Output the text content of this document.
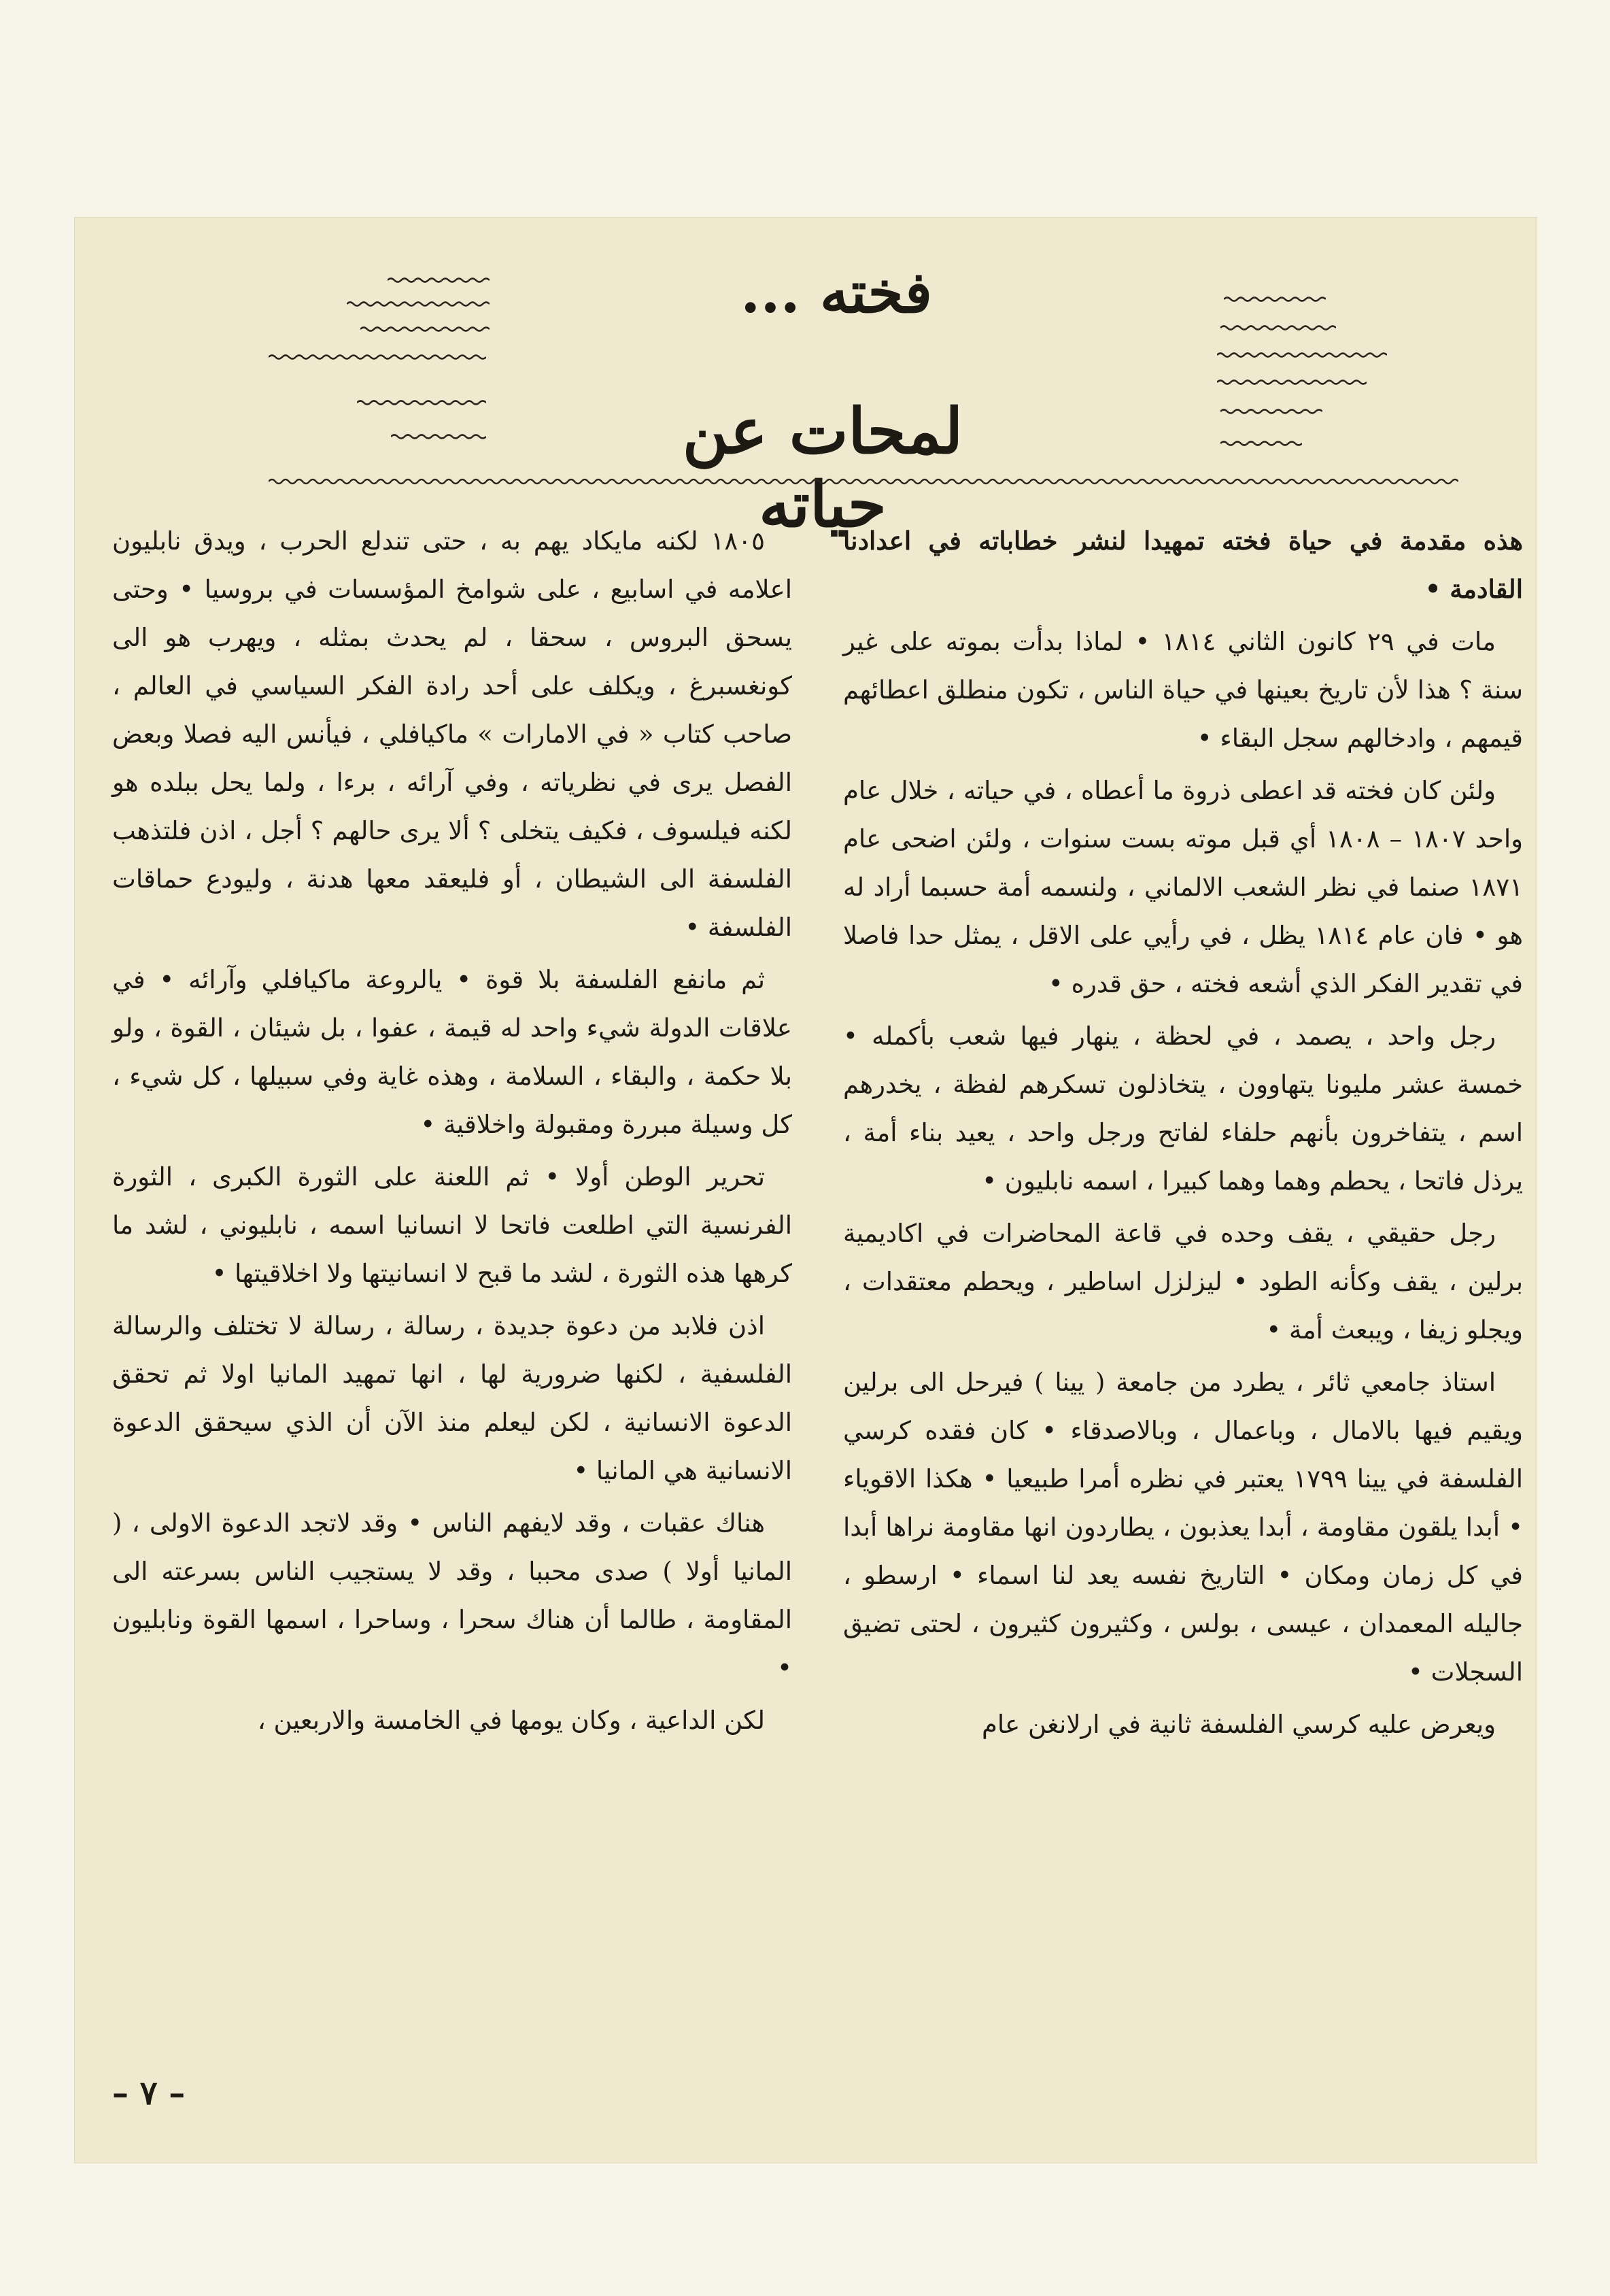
فخته ...
لمحات عن حياته

هذه مقدمة في حياة فخته تمهيدا لنشر خطاباته في اعدادنا القادمة •

مات في ٢٩ كانون الثاني ١٨١٤ • لماذا بدأت بموته على غير سنة ؟ هذا لأن تاريخ بعينها في حياة الناس ، تكون منطلق اعطائهم قيمهم ، وادخالهم سجل البقاء •

ولئن كان فخته قد اعطى ذروة ما أعطاه ، في حياته ، خلال عام واحد ١٨٠٧ – ١٨٠٨ أي قبل موته بست سنوات ، ولئن اضحى عام ١٨٧١ صنما في نظر الشعب الالماني ، ولنسمه أمة حسبما أراد له هو • فان عام ١٨١٤ يظل ، في رأيي على الاقل ، يمثل حدا فاصلا في تقدير الفكر الذي أشعه فخته ، حق قدره •

رجل واحد ، يصمد ، في لحظة ، ينهار فيها شعب بأكمله • خمسة عشر مليونا يتهاوون ، يتخاذلون تسكرهم لفظة ، يخدرهم اسم ، يتفاخرون بأنهم حلفاء لفاتح ورجل واحد ، يعيد بناء أمة ، يرذل فاتحا ، يحطم وهما وهما كبيرا ، اسمه نابليون •

رجل حقيقي ، يقف وحده في قاعة المحاضرات في اكاديمية برلين ، يقف وكأنه الطود • ليزلزل اساطير ، ويحطم معتقدات ، ويجلو زيفا ، ويبعث أمة •

استاذ جامعي ثائر ، يطرد من جامعة ( يينا ) فيرحل الى برلين ويقيم فيها بالامال ، وباعمال ، وبالاصدقاء • كان فقده كرسي الفلسفة في يينا ١٧٩٩ يعتبر في نظره أمرا طبيعيا • هكذا الاقوياء • أبدا يلقون مقاومة ، أبدا يعذبون ، يطاردون انها مقاومة نراها أبدا في كل زمان ومكان • التاريخ نفسه يعد لنا اسماء • ارسطو ، جاليله المعمدان ، عيسى ، بولس ، وكثيرون كثيرون ، لحتى تضيق السجلات •

ويعرض عليه كرسي الفلسفة ثانية في ارلانغن عام

١٨٠٥ لكنه مايكاد يهم به ، حتى تندلع الحرب ، ويدق نابليون اعلامه في اسابيع ، على شوامخ المؤسسات في بروسيا • وحتى يسحق البروس ، سحقا ، لم يحدث بمثله ، ويهرب هو الى كونغسبرغ ، ويكلف على أحد رادة الفكر السياسي في العالم ، صاحب كتاب « في الامارات » ماكيافلي ، فيأنس اليه فصلا وبعض الفصل يرى في نظرياته ، وفي آرائه ، برءا ، ولما يحل ببلده هو لكنه فيلسوف ، فكيف يتخلى ؟ ألا يرى حالهم ؟ أجل ، اذن فلتذهب الفلسفة الى الشيطان ، أو فليعقد معها هدنة ، وليودع حماقات الفلسفة •

ثم مانفع الفلسفة بلا قوة • يالروعة ماكيافلي وآرائه • في علاقات الدولة شيء واحد له قيمة ، عفوا ، بل شيئان ، القوة ، ولو بلا حكمة ، والبقاء ، السلامة ، وهذه غاية وفي سبيلها ، كل شيء ، كل وسيلة مبررة ومقبولة واخلاقية •

تحرير الوطن أولا • ثم اللعنة على الثورة الكبرى ، الثورة الفرنسية التي اطلعت فاتحا لا انسانيا اسمه ، نابليوني ، لشد ما كرهها هذه الثورة ، لشد ما قبح لا انسانيتها ولا اخلاقيتها •

اذن فلابد من دعوة جديدة ، رسالة ، رسالة لا تختلف والرسالة الفلسفية ، لكنها ضرورية لها ، انها تمهيد المانيا اولا ثم تحقق الدعوة الانسانية ، لكن ليعلم منذ الآن أن الذي سيحقق الدعوة الانسانية هي المانيا •

هناك عقبات ، وقد لايفهم الناس • وقد لاتجد الدعوة الاولى ، ( المانيا أولا ) صدى محببا ، وقد لا يستجيب الناس بسرعته الى المقاومة ، طالما أن هناك سحرا ، وساحرا ، اسمها القوة ونابليون •

لكن الداعية ، وكان يومها في الخامسة والاربعين ،

– ٧ –
